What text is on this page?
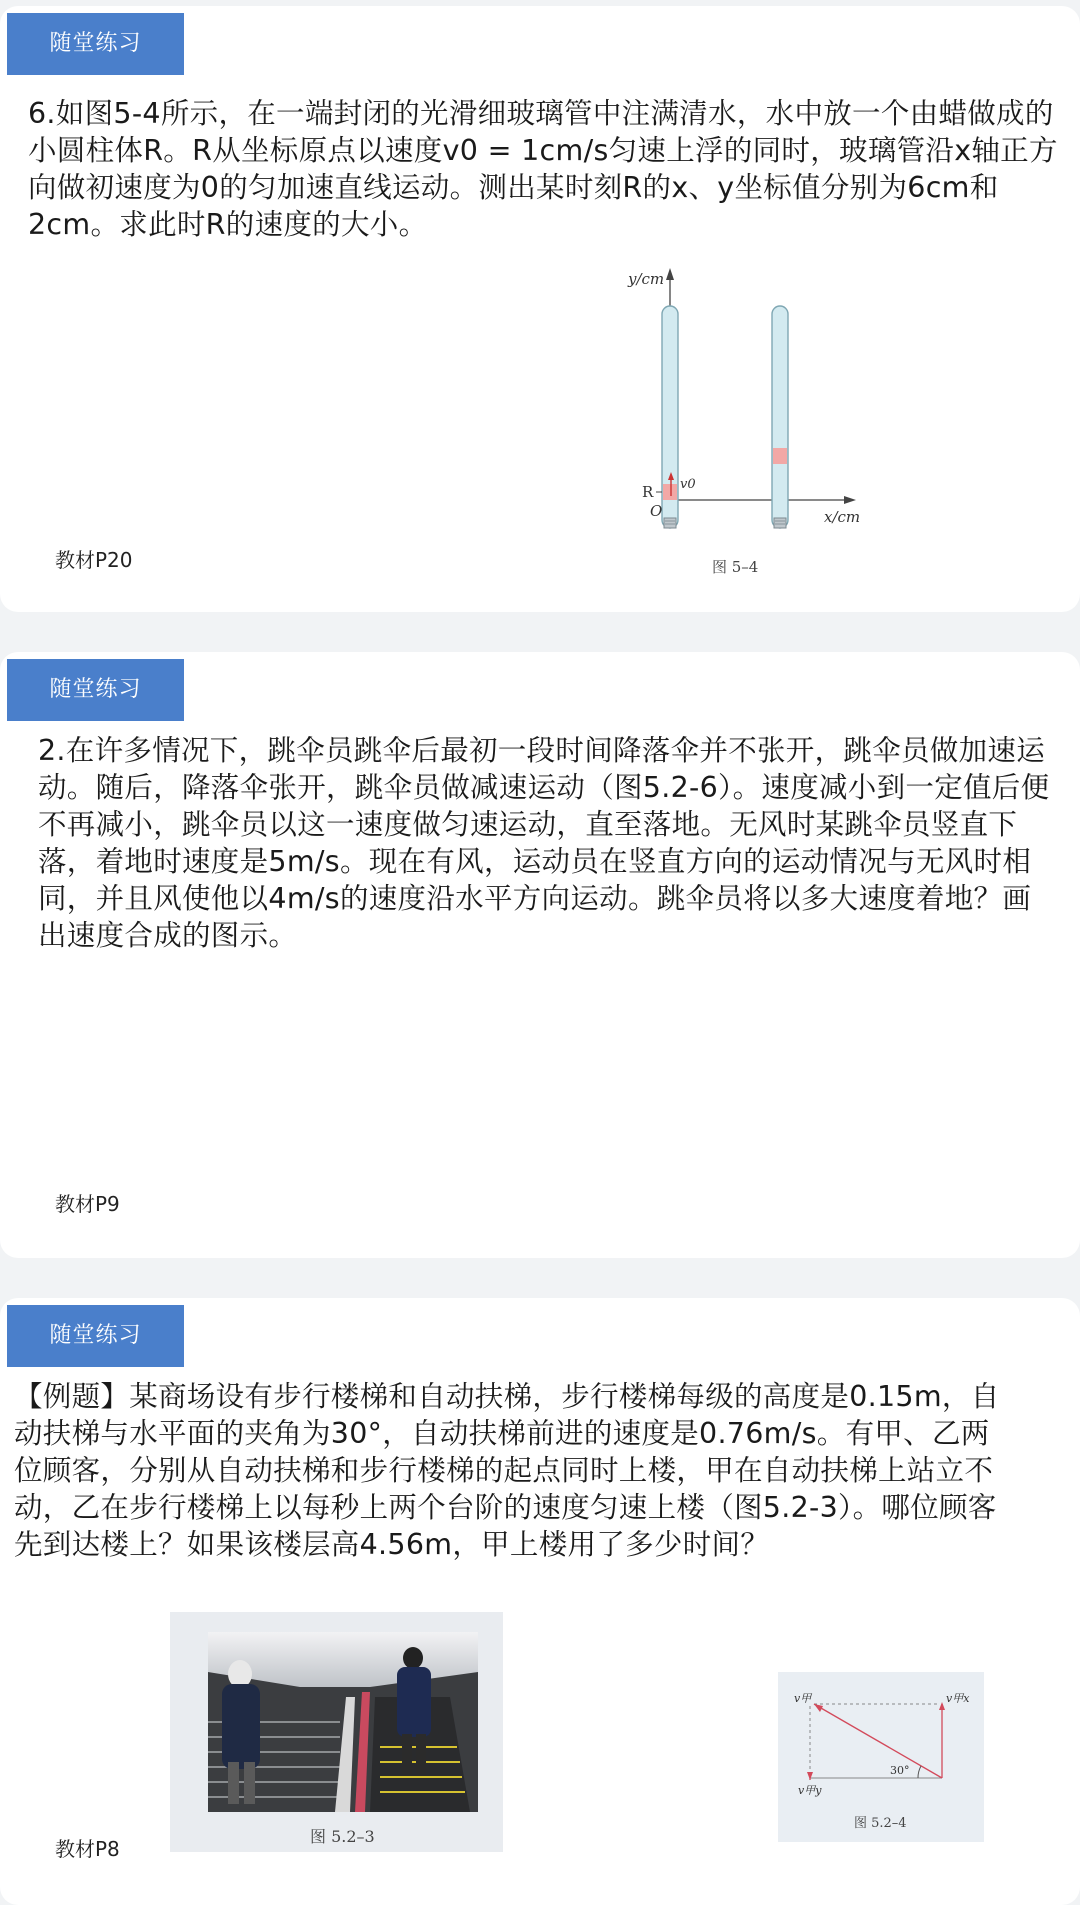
随堂练习

6.如图5-4所示，在一端封闭的光滑细玻璃管中注满清水，水中放一个由蜡做成的小圆柱体R。R从坐标原点以速度v0 = 1cm/s匀速上浮的同时，玻璃管沿x轴正方向做初速度为0的匀加速直线运动。测出某时刻R的x、y坐标值分别为6cm和2cm。求此时R的速度的大小。

y/cm
x/cm
O
R v0
图 5–4
教材P20
随堂练习

2.在许多情况下，跳伞员跳伞后最初一段时间降落伞并不张开，跳伞员做加速运动。随后，降落伞张开，跳伞员做减速运动（图5.2-6）。速度减小到一定值后便不再减小，跳伞员以这一速度做匀速运动，直至落地。无风时某跳伞员竖直下落，着地时速度是5m/s。现在有风，运动员在竖直方向的运动情况与无风时相同，并且风使他以4m/s的速度沿水平方向运动。跳伞员将以多大速度着地？画出速度合成的图示。

教材P9
随堂练习

【例题】某商场设有步行楼梯和自动扶梯，步行楼梯每级的高度是0.15m，自动扶梯与水平面的夹角为30°，自动扶梯前进的速度是0.76m/s。有甲、乙两位顾客，分别从自动扶梯和步行楼梯的起点同时上楼，甲在自动扶梯上站立不动，乙在步行楼梯上以每秒上两个台阶的速度匀速上楼（图5.2-3）。哪位顾客先到达楼上？如果该楼层高4.56m，甲上楼用了多少时间？

图 5.2–3
30°
v甲	v甲x
v甲y
图 5.2–4
教材P8
